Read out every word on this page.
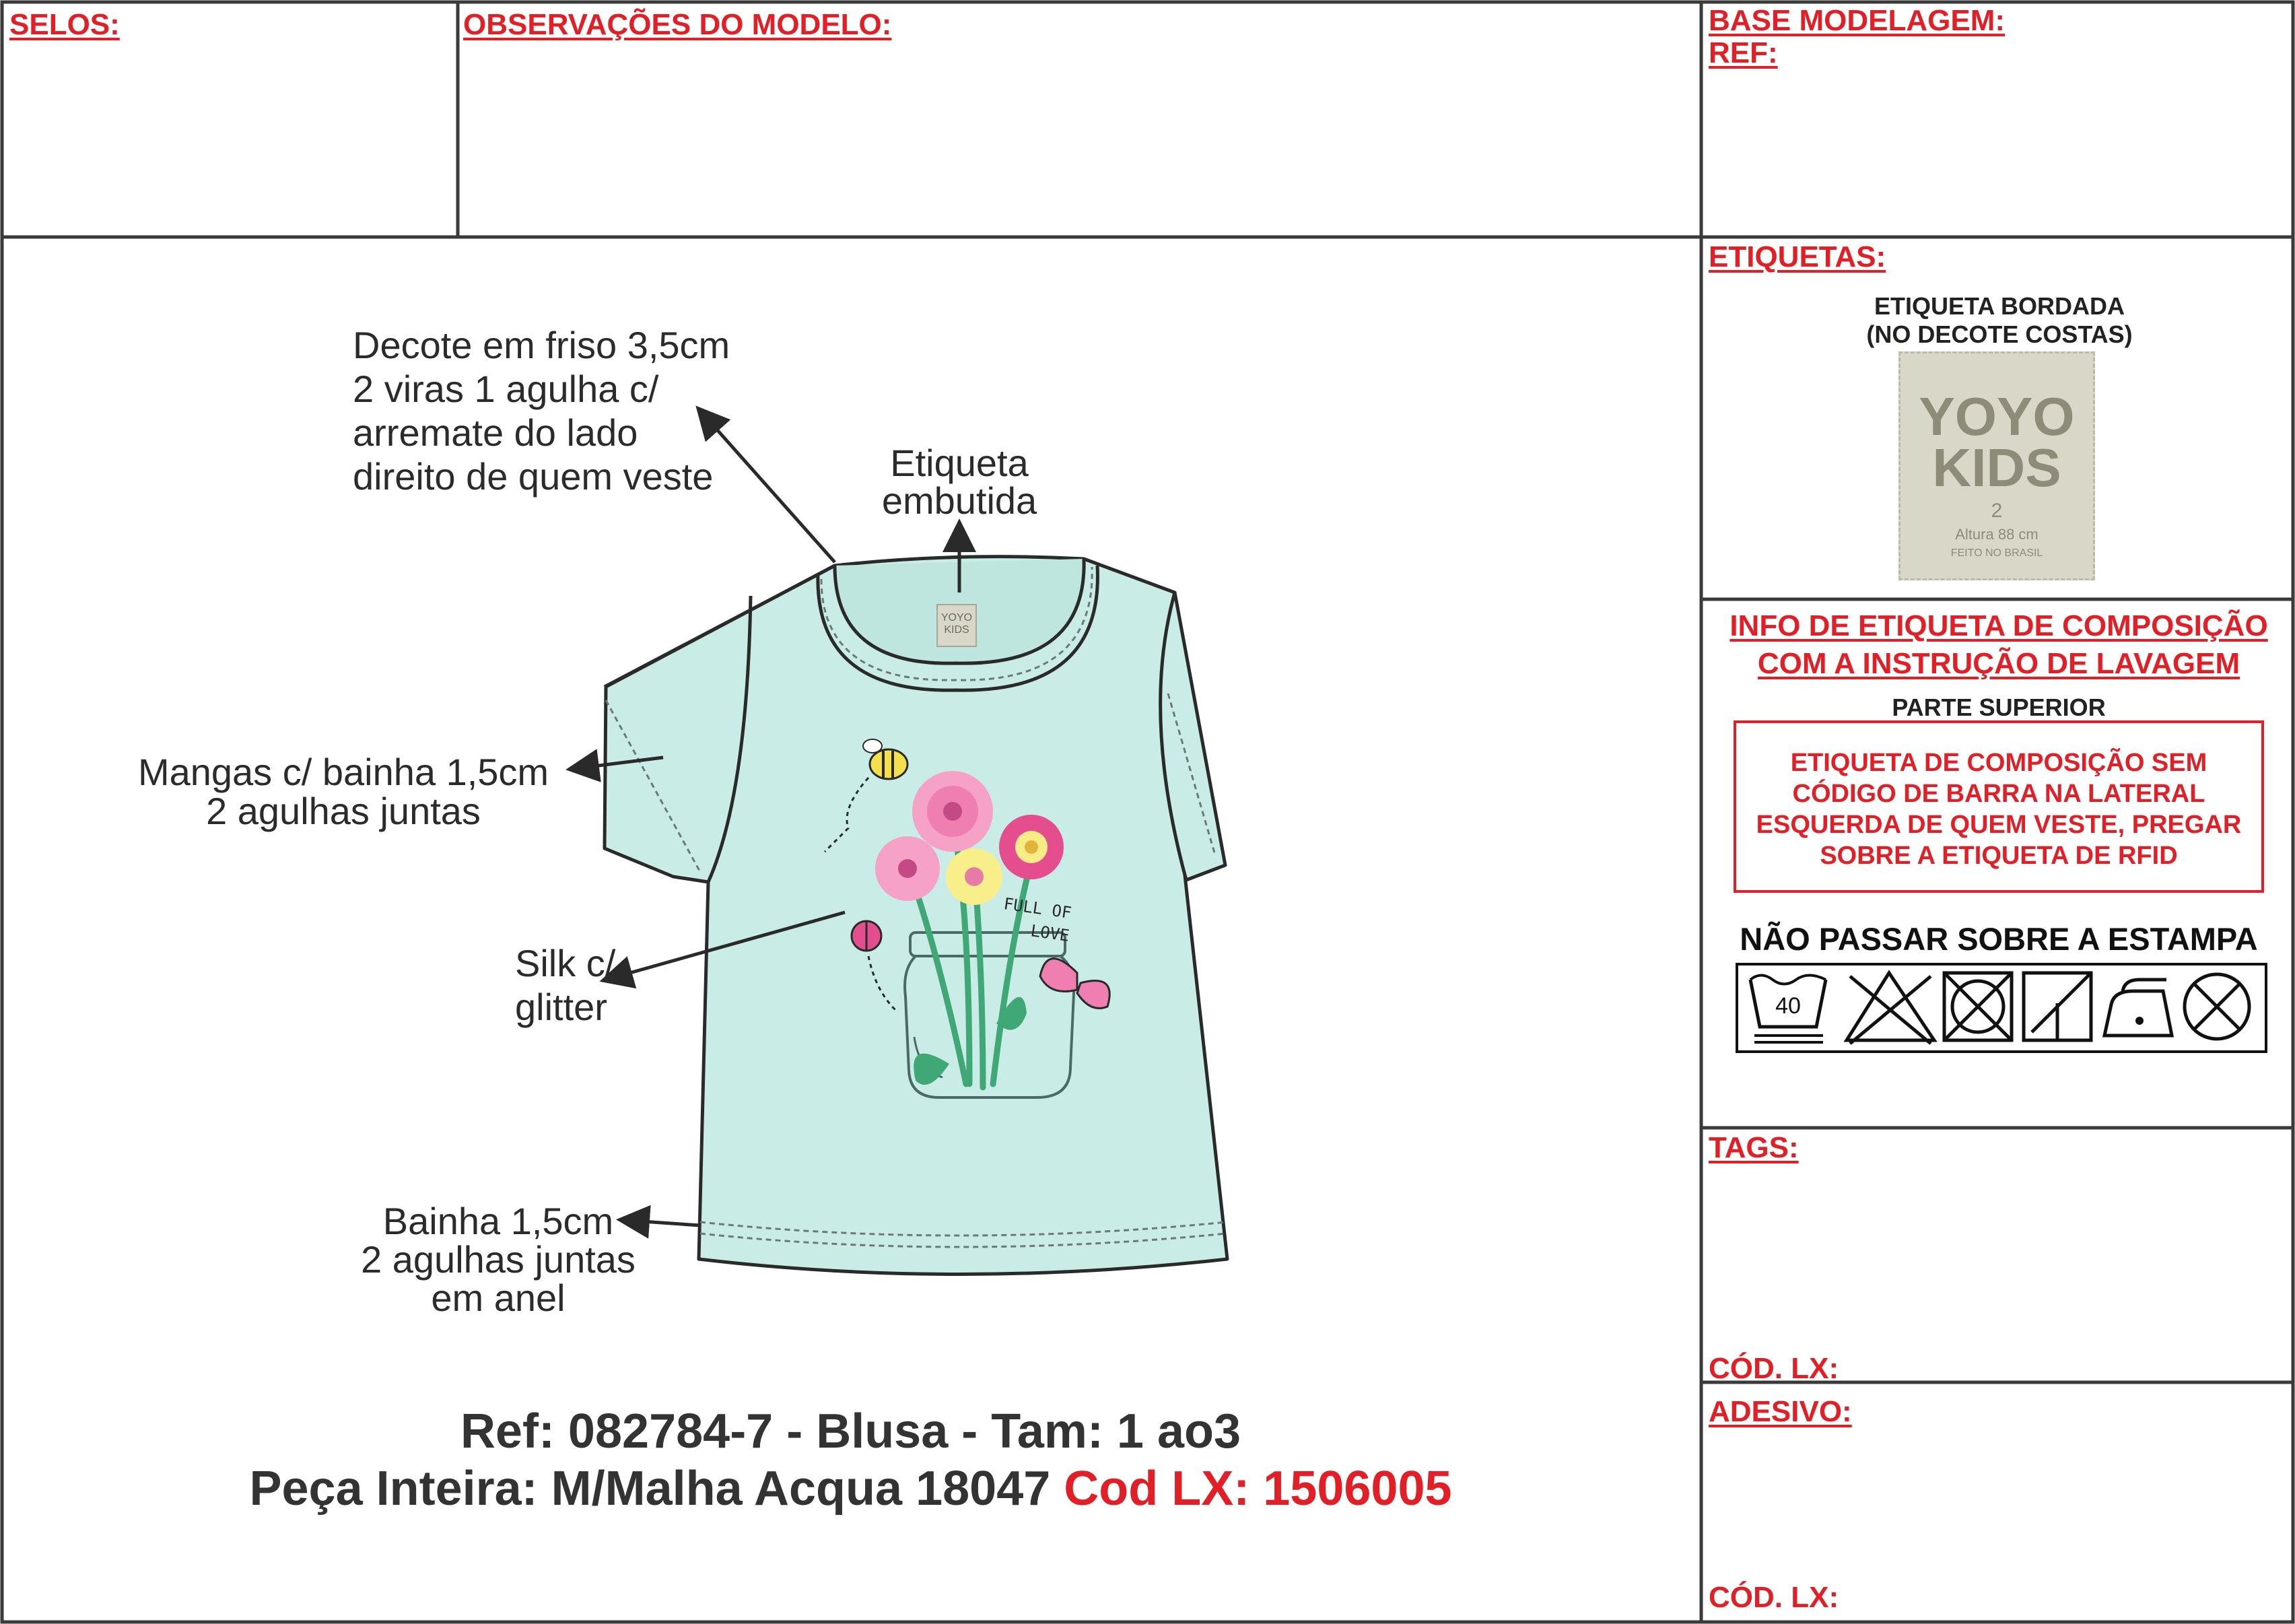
SELOS:	OBSERVAÇÕES DO MODELO:	BASE MODELAGEM:
REF:
YOYO
KIDS
FULL OF
LOVE
Decote em friso 3,5cm
2 viras 1 agulha c/
arremate do lado
direito de quem veste	Etiqueta
embutida
Mangas c/ bainha 1,5cm
2 agulhas juntas
Silk c/
glitter
Bainha 1,5cm
2 agulhas juntas
em anel
Ref: 082784-7 - Blusa - Tam: 1 ao3
Peça Inteira: M/Malha Acqua 18047 Cod LX: 1506005
ETIQUETAS:
ETIQUETA BORDADA
(NO DECOTE COSTAS)
YOYO
KIDS
2
Altura 88 cm
FEITO NO BRASIL
INFO DE ETIQUETA DE COMPOSIÇÃO
COM A INSTRUÇÃO DE LAVAGEM
PARTE SUPERIOR
ETIQUETA DE COMPOSIÇÃO SEM
CÓDIGO DE BARRA NA LATERAL
ESQUERDA DE QUEM VESTE, PREGAR
SOBRE A ETIQUETA DE RFID
NÃO PASSAR SOBRE A ESTAMPA
40
TAGS:
CÓD. LX:
ADESIVO:
CÓD. LX:
